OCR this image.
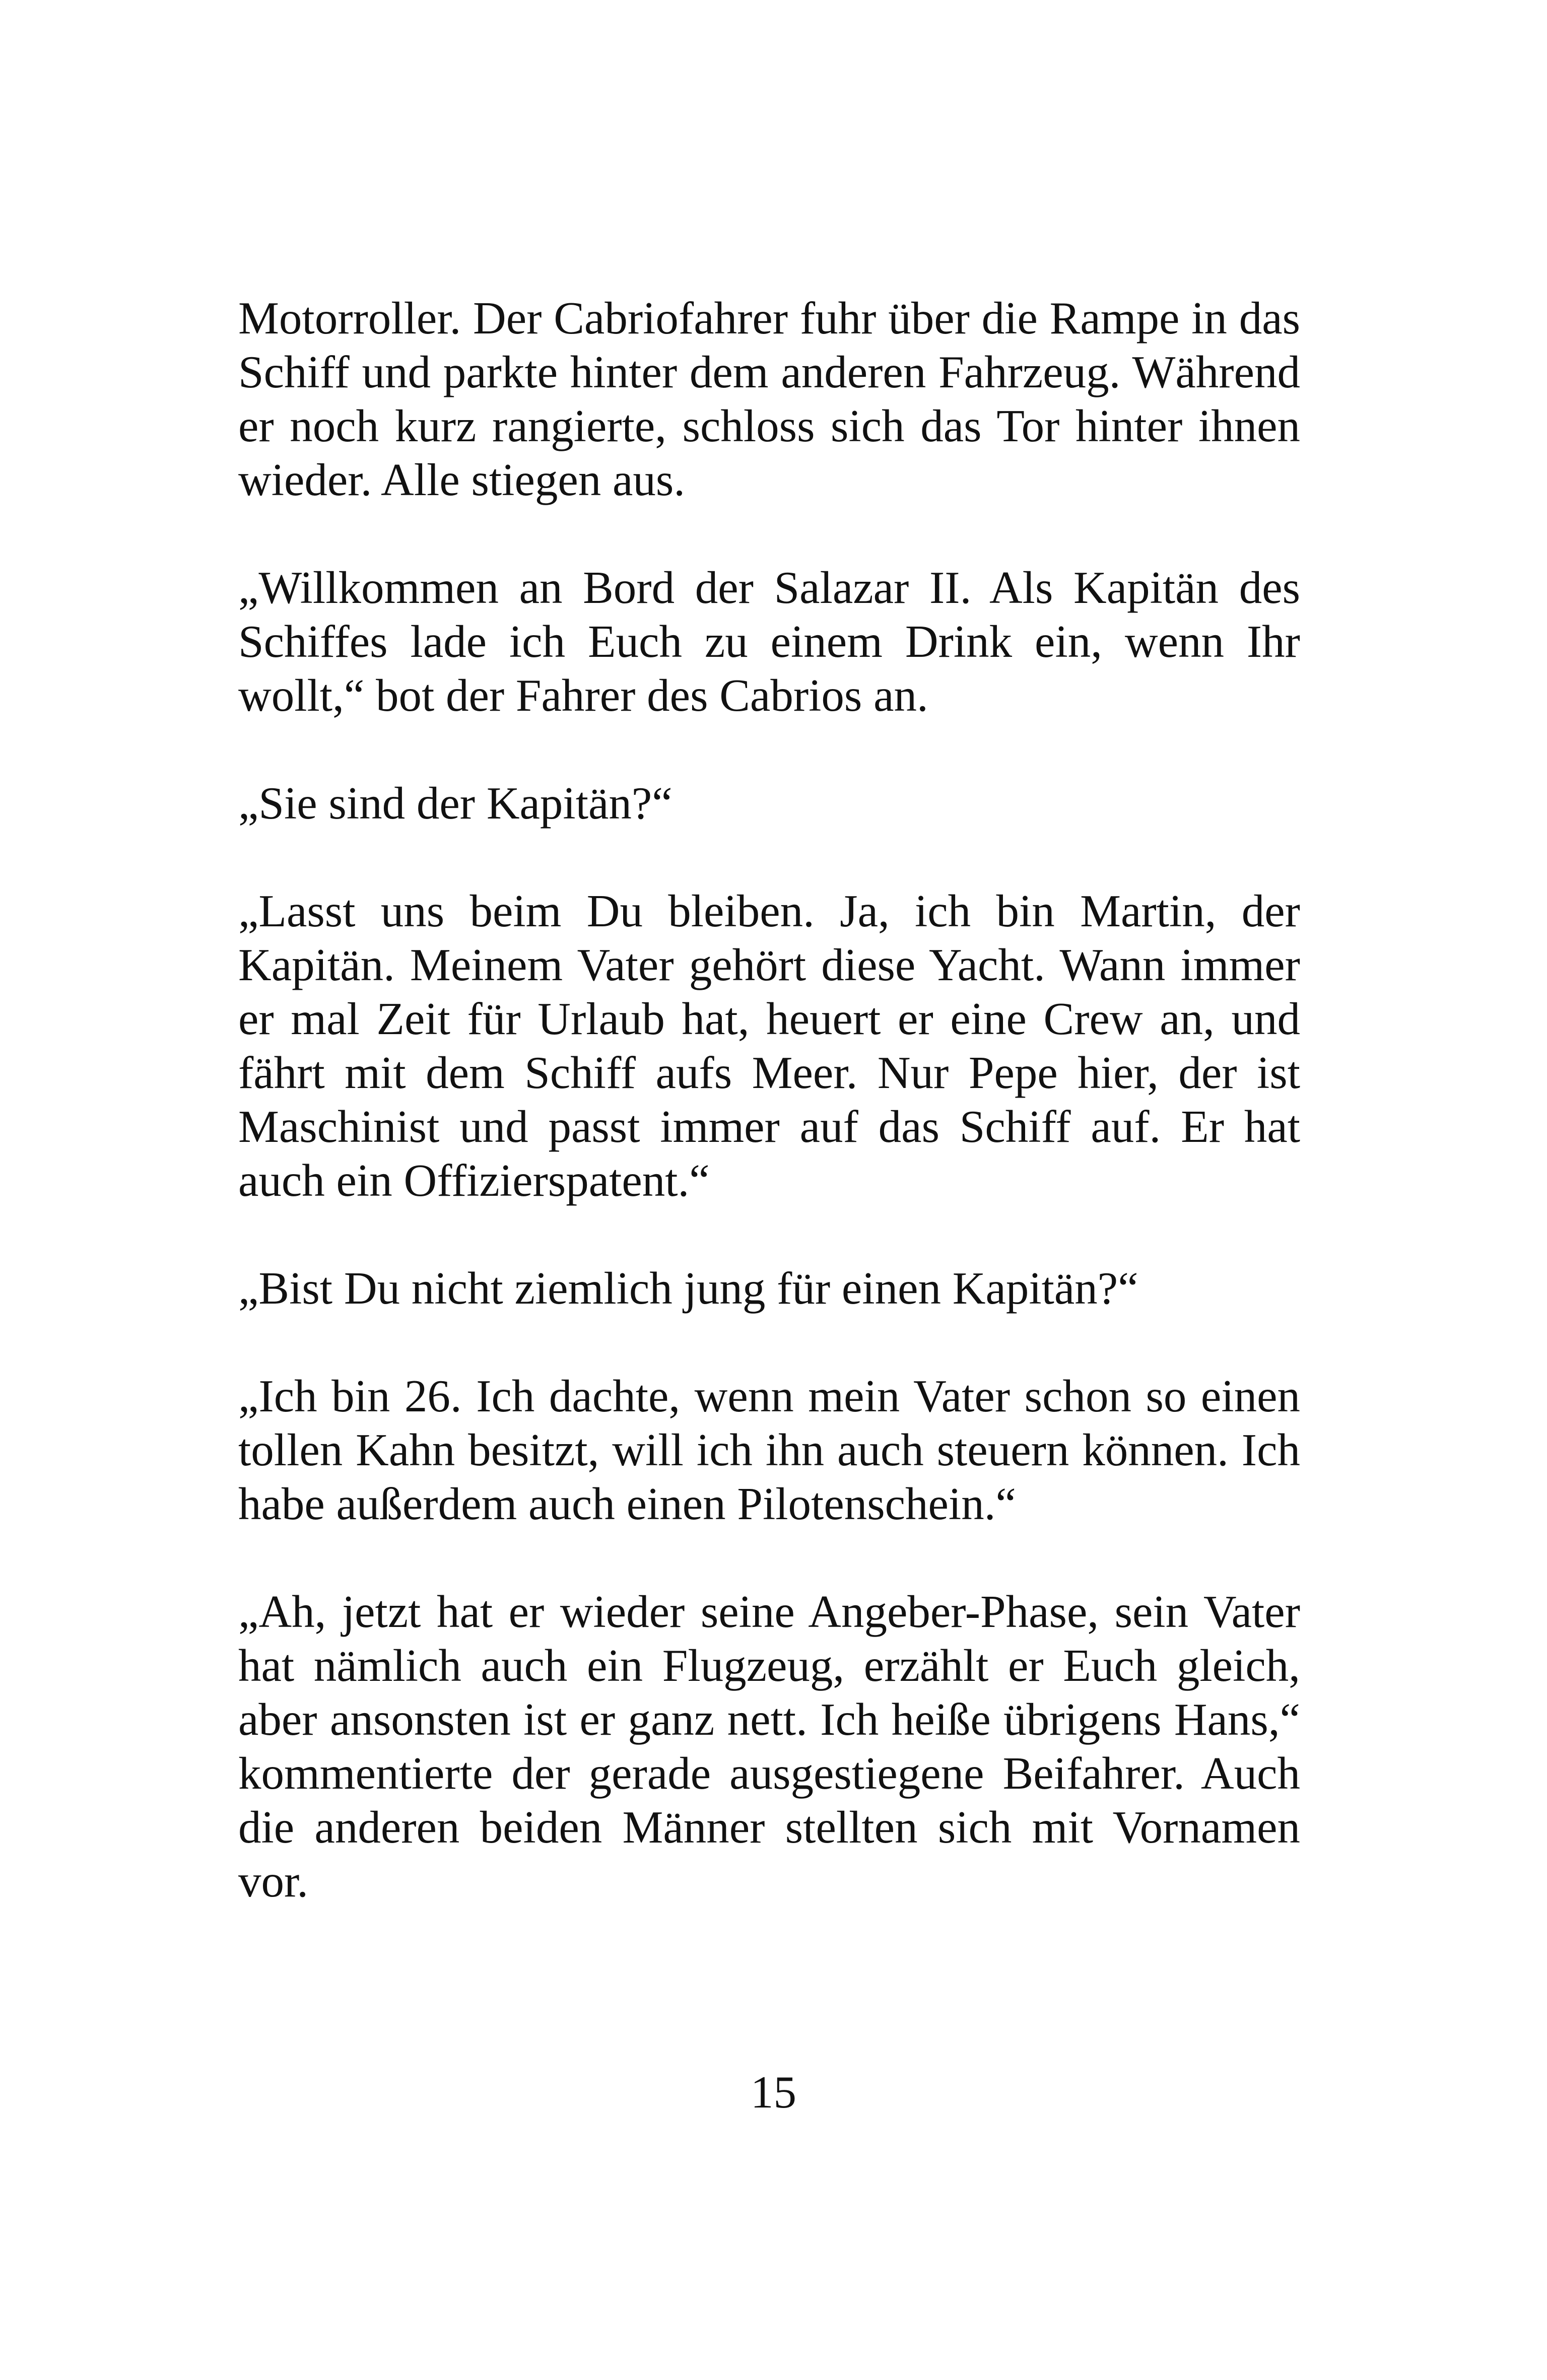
Motorroller. Der Cabriofahrer fuhr über die Rampe in das Schiff und parkte hinter dem anderen Fahrzeug. Während er noch kurz rangierte, schloss sich das Tor hinter ihnen wieder. Alle stiegen aus.

„Willkommen an Bord der Salazar II. Als Kapitän des Schiffes lade ich Euch zu einem Drink ein, wenn Ihr wollt,“ bot der Fahrer des Cabrios an.

„Sie sind der Kapitän?“

„Lasst uns beim Du bleiben. Ja, ich bin Martin, der Kapitän. Meinem Vater gehört diese Yacht. Wann immer er mal Zeit für Urlaub hat, heuert er eine Crew an, und fährt mit dem Schiff aufs Meer. Nur Pepe hier, der ist Maschinist und passt immer auf das Schiff auf. Er hat auch ein Offizierspatent.“

„Bist Du nicht ziemlich jung für einen Kapitän?“

„Ich bin 26. Ich dachte, wenn mein Vater schon so einen tollen Kahn besitzt, will ich ihn auch steuern können. Ich habe außerdem auch einen Pilotenschein.“

„Ah, jetzt hat er wieder seine Angeber-Phase, sein Vater hat nämlich auch ein Flugzeug, erzählt er Euch gleich, aber ansonsten ist er ganz nett. Ich heiße übrigens Hans,“ kommentierte der gerade ausgestiegene Beifahrer. Auch die anderen beiden Männer stellten sich mit Vornamen vor.

15
